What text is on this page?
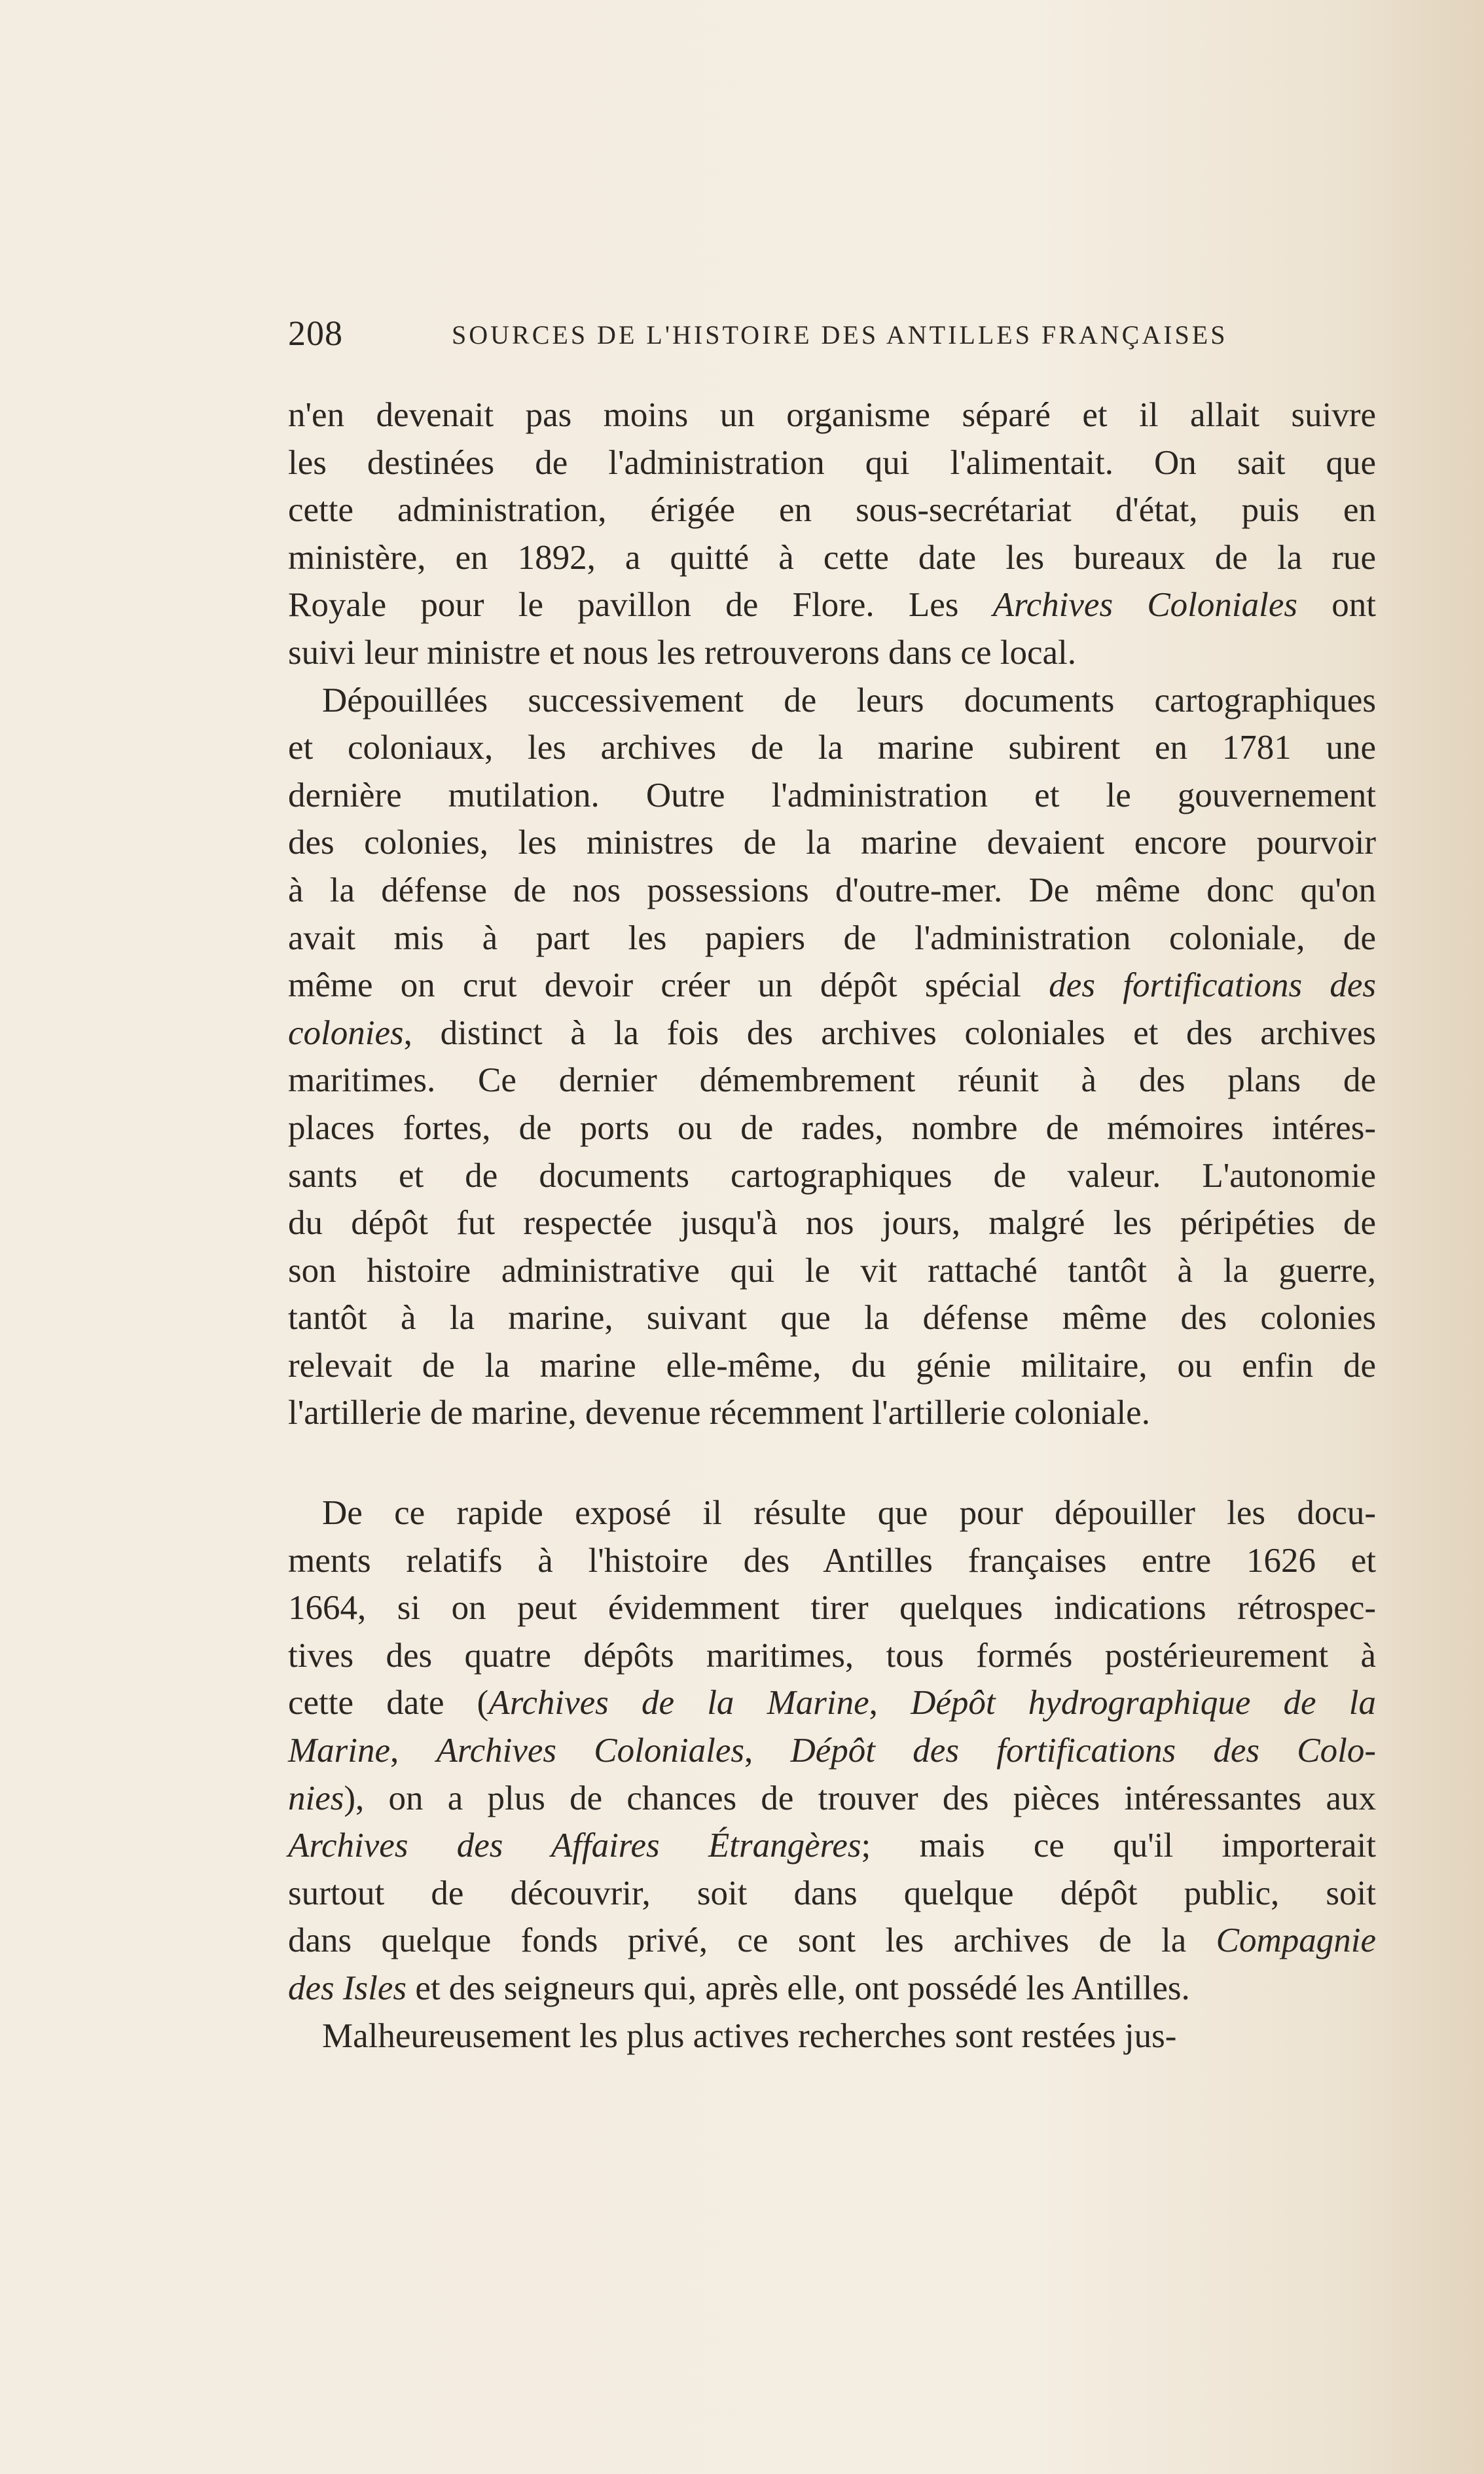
208	SOURCES DE L'HISTOIRE DES ANTILLES FRANÇAISES
n'en devenait pas moins un organisme séparé et il allait suivre
les destinées de l'administration qui l'alimentait. On sait que
cette administration, érigée en sous-secrétariat d'état, puis en
ministère, en 1892, a quitté à cette date les bureaux de la rue
Royale pour le pavillon de Flore. Les Archives Coloniales ont
suivi leur ministre et nous les retrouverons dans ce local.
Dépouillées successivement de leurs documents cartographiques
et coloniaux, les archives de la marine subirent en 1781 une
dernière mutilation. Outre l'administration et le gouvernement
des colonies, les ministres de la marine devaient encore pourvoir
à la défense de nos possessions d'outre-mer. De même donc qu'on
avait mis à part les papiers de l'administration coloniale, de
même on crut devoir créer un dépôt spécial des fortifications des
colonies, distinct à la fois des archives coloniales et des archives
maritimes. Ce dernier démembrement réunit à des plans de
places fortes, de ports ou de rades, nombre de mémoires intéres-
sants et de documents cartographiques de valeur. L'autonomie
du dépôt fut respectée jusqu'à nos jours, malgré les péripéties de
son histoire administrative qui le vit rattaché tantôt à la guerre,
tantôt à la marine, suivant que la défense même des colonies
relevait de la marine elle-même, du génie militaire, ou enfin de
l'artillerie de marine, devenue récemment l'artillerie coloniale.
De ce rapide exposé il résulte que pour dépouiller les docu-
ments relatifs à l'histoire des Antilles françaises entre 1626 et
1664, si on peut évidemment tirer quelques indications rétrospec-
tives des quatre dépôts maritimes, tous formés postérieurement à
cette date (Archives de la Marine, Dépôt hydrographique de la
Marine, Archives Coloniales, Dépôt des fortifications des Colo-
nies), on a plus de chances de trouver des pièces intéressantes aux
Archives des Affaires Étrangères; mais ce qu'il importerait
surtout de découvrir, soit dans quelque dépôt public, soit
dans quelque fonds privé, ce sont les archives de la Compagnie
des Isles et des seigneurs qui, après elle, ont possédé les Antilles.
Malheureusement les plus actives recherches sont restées jus-
